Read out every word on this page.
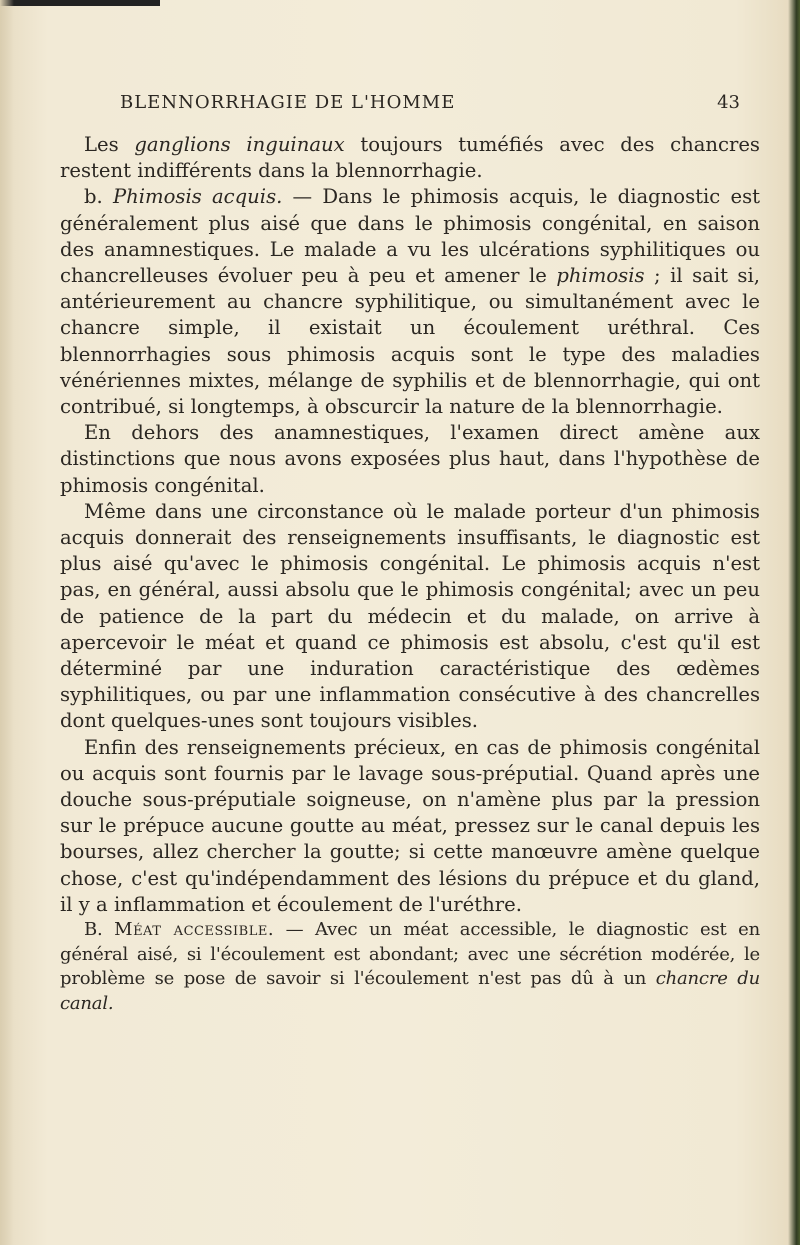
BLENNORRHAGIE DE L'HOMME	43

Les ganglions inguinaux toujours tuméfiés avec des chancres restent indifférents dans la blennorrhagie.

b. Phimosis acquis. — Dans le phimosis acquis, le diagnostic est généralement plus aisé que dans le phimosis congénital, en saison des anamnestiques. Le malade a vu les ulcérations syphilitiques ou chancrelleuses évoluer peu à peu et amener le phimosis ; il sait si, antérieurement au chancre syphilitique, ou simultanément avec le chancre simple, il existait un écoulement uréthral. Ces blennorrhagies sous phimosis acquis sont le type des maladies vénériennes mixtes, mélange de syphilis et de blennorrhagie, qui ont contribué, si longtemps, à obscurcir la nature de la blennorrhagie.

En dehors des anamnestiques, l'examen direct amène aux distinctions que nous avons exposées plus haut, dans l'hypothèse de phimosis congénital.

Même dans une circonstance où le malade porteur d'un phimosis acquis donnerait des renseignements insuffisants, le diagnostic est plus aisé qu'avec le phimosis congénital. Le phimosis acquis n'est pas, en général, aussi absolu que le phimosis congénital; avec un peu de patience de la part du médecin et du malade, on arrive à apercevoir le méat et quand ce phimosis est absolu, c'est qu'il est déterminé par une induration caractéristique des œdèmes syphilitiques, ou par une inflammation consécutive à des chancrelles dont quelques-unes sont toujours visibles.

Enfin des renseignements précieux, en cas de phimosis congénital ou acquis sont fournis par le lavage sous-préputial. Quand après une douche sous-préputiale soigneuse, on n'amène plus par la pression sur le prépuce aucune goutte au méat, pressez sur le canal depuis les bourses, allez chercher la goutte; si cette manœuvre amène quelque chose, c'est qu'indépendamment des lésions du prépuce et du gland, il y a inflammation et écoulement de l'uréthre.

B. Méat accessible. — Avec un méat accessible, le diagnostic est en général aisé, si l'écoulement est abondant; avec une sécrétion modérée, le problème se pose de savoir si l'écoulement n'est pas dû à un chancre du canal.
